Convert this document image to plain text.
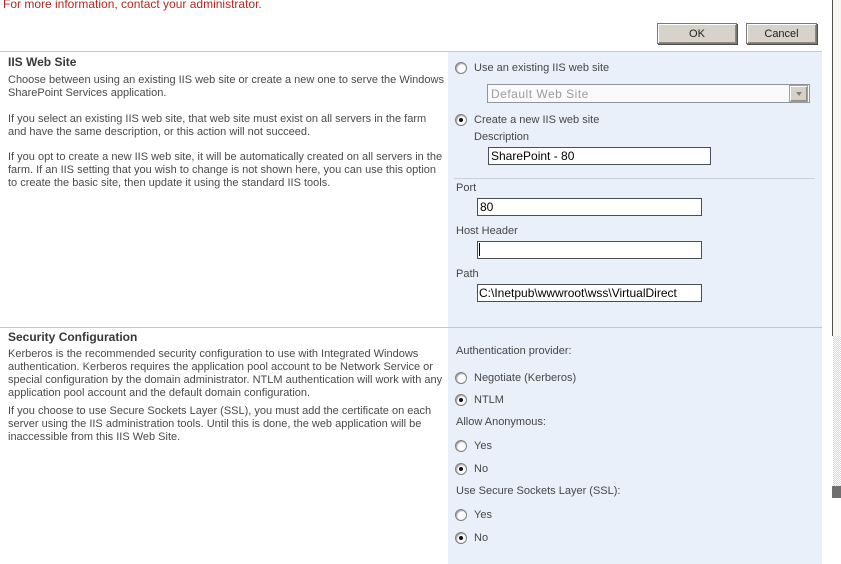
For more information, contact your administrator.
OK	Cancel
IIS Web Site
Choose between using an existing IIS web site or create a new one to serve the Windows SharePoint Services application.
If you select an existing IIS web site, that web site must exist on all servers in the farm and have the same description, or this action will not succeed.
If you opt to create a new IIS web site, it will be automatically created on all servers in the farm. If an IIS setting that you wish to change is not shown here, you can use this option to create the basic site, then update it using the standard IIS tools.
Use an existing IIS web site
Default Web Site
Create a new IIS web site
Description
SharePoint - 80
Port
80
Host Header
Path
C:\Inetpub\wwwroot\wss\VirtualDirect
Security Configuration
Kerberos is the recommended security configuration to use with Integrated Windows authentication. Kerberos requires the application pool account to be Network Service or special configuration by the domain administrator. NTLM authentication will work with any application pool account and the default domain configuration.
If you choose to use Secure Sockets Layer (SSL), you must add the certificate on each server using the IIS administration tools. Until this is done, the web application will be inaccessible from this IIS Web Site.
Authentication provider:
Negotiate (Kerberos)
NTLM
Allow Anonymous:
Yes
No
Use Secure Sockets Layer (SSL):
Yes
No
